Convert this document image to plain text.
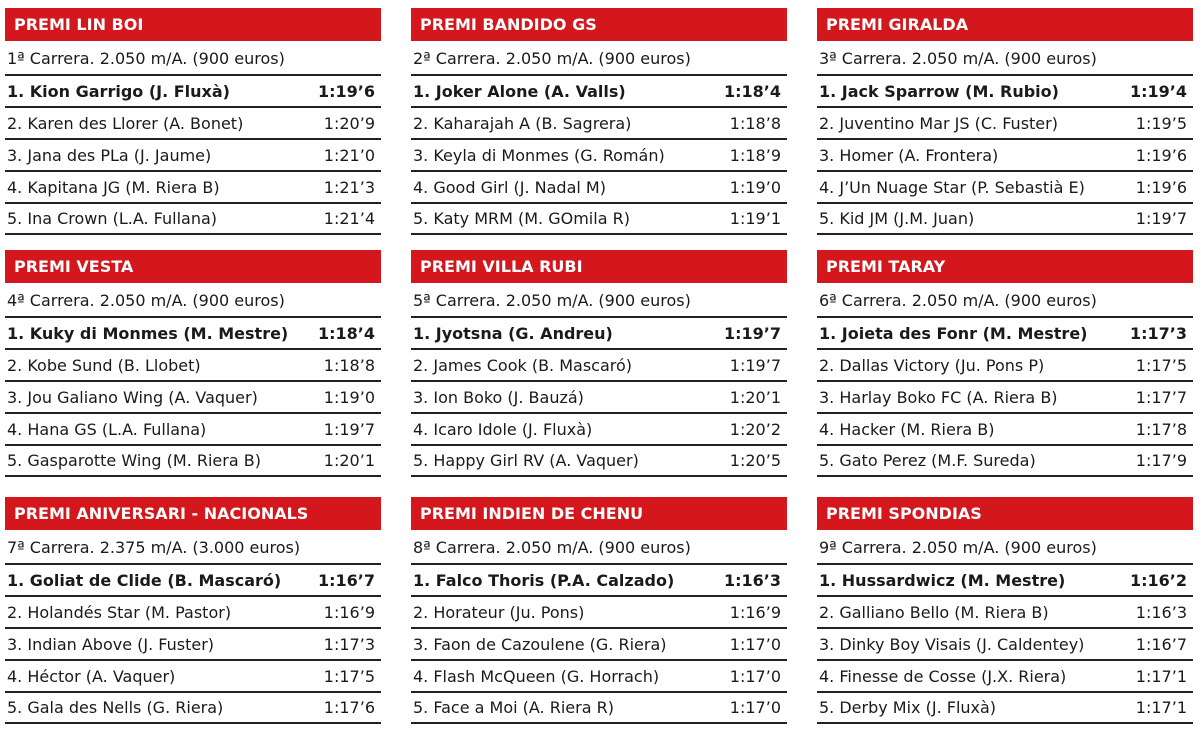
PREMI LIN BOI
1ª Carrera. 2.050 m/A. (900 euros)
1. Kion Garrigo (J. Fluxà)	1:19’6
2. Karen des Llorer (A. Bonet)	1:20’9
3. Jana des PLa (J. Jaume)	1:21’0
4. Kapitana JG (M. Riera B)	1:21’3
5. Ina Crown (L.A. Fullana)	1:21’4
PREMI BANDIDO GS
2ª Carrera. 2.050 m/A. (900 euros)
1. Joker Alone (A. Valls)	1:18’4
2. Kaharajah A (B. Sagrera)	1:18’8
3. Keyla di Monmes (G. Román)	1:18’9
4. Good Girl (J. Nadal M)	1:19’0
5. Katy MRM (M. GOmila R)	1:19’1
PREMI GIRALDA
3ª Carrera. 2.050 m/A. (900 euros)
1. Jack Sparrow (M. Rubio)	1:19’4
2. Juventino Mar JS (C. Fuster)	1:19’5
3. Homer (A. Frontera)	1:19’6
4. J’Un Nuage Star (P. Sebastià E)	1:19’6
5. Kid JM (J.M. Juan)	1:19’7
PREMI VESTA
4ª Carrera. 2.050 m/A. (900 euros)
1. Kuky di Monmes (M. Mestre)	1:18’4
2. Kobe Sund (B. Llobet)	1:18’8
3. Jou Galiano Wing (A. Vaquer)	1:19’0
4. Hana GS (L.A. Fullana)	1:19’7
5. Gasparotte Wing (M. Riera B)	1:20’1
PREMI VILLA RUBI
5ª Carrera. 2.050 m/A. (900 euros)
1. Jyotsna (G. Andreu)	1:19’7
2. James Cook (B. Mascaró)	1:19’7
3. Ion Boko (J. Bauzá)	1:20’1
4. Icaro Idole (J. Fluxà)	1:20’2
5. Happy Girl RV (A. Vaquer)	1:20’5
PREMI TARAY
6ª Carrera. 2.050 m/A. (900 euros)
1. Joieta des Fonr (M. Mestre)	1:17’3
2. Dallas Victory (Ju. Pons P)	1:17’5
3. Harlay Boko FC (A. Riera B)	1:17’7
4. Hacker (M. Riera B)	1:17’8
5. Gato Perez (M.F. Sureda)	1:17’9
PREMI ANIVERSARI - NACIONALS
7ª Carrera. 2.375 m/A. (3.000 euros)
1. Goliat de Clide (B. Mascaró)	1:16’7
2. Holandés Star (M. Pastor)	1:16’9
3. Indian Above (J. Fuster)	1:17’3
4. Héctor (A. Vaquer)	1:17’5
5. Gala des Nells (G. Riera)	1:17’6
PREMI INDIEN DE CHENU
8ª Carrera. 2.050 m/A. (900 euros)
1. Falco Thoris (P.A. Calzado)	1:16’3
2. Horateur (Ju. Pons)	1:16’9
3. Faon de Cazoulene (G. Riera)	1:17’0
4. Flash McQueen (G. Horrach)	1:17’0
5. Face a Moi (A. Riera R)	1:17’0
PREMI SPONDIAS
9ª Carrera. 2.050 m/A. (900 euros)
1. Hussardwicz (M. Mestre)	1:16’2
2. Galliano Bello (M. Riera B)	1:16’3
3. Dinky Boy Visais (J. Caldentey)	1:16’7
4. Finesse de Cosse (J.X. Riera)	1:17’1
5. Derby Mix (J. Fluxà)	1:17’1
